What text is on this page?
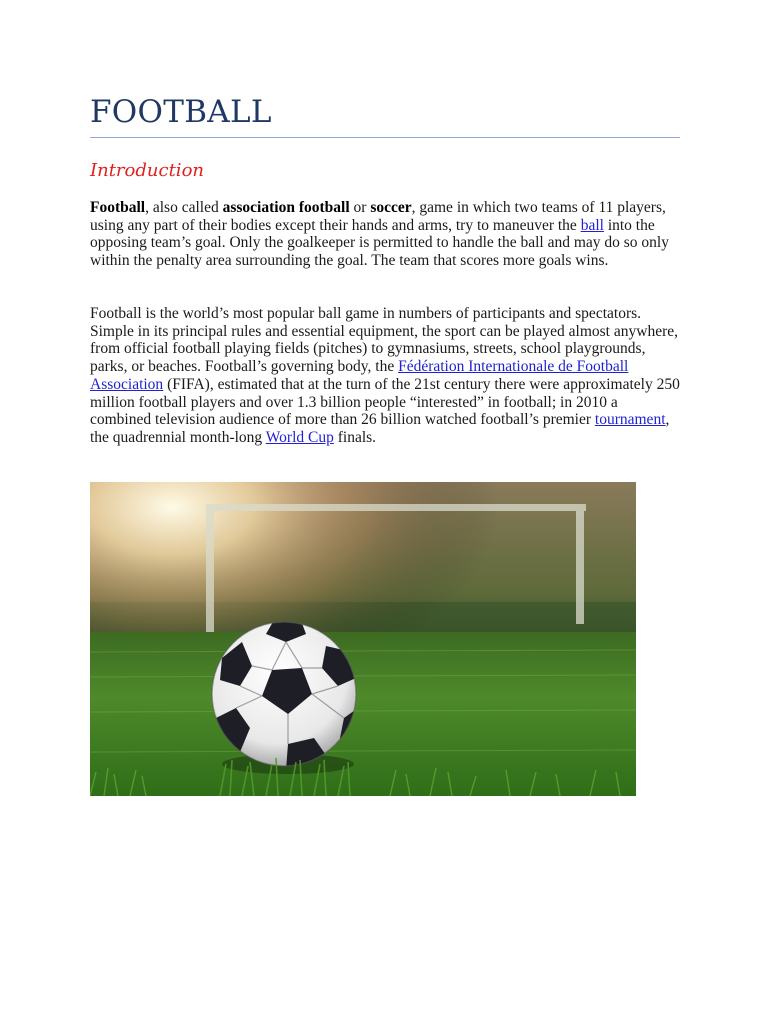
FOOTBALL
Introduction

Football, also called association football or soccer, game in which two teams of 11 players, using any part of their bodies except their hands and arms, try to maneuver the ball into the opposing team’s goal. Only the goalkeeper is permitted to handle the ball and may do so only within the penalty area surrounding the goal. The team that scores more goals wins.

Football is the world’s most popular ball game in numbers of participants and spectators. Simple in its principal rules and essential equipment, the sport can be played almost anywhere, from official football playing fields (pitches) to gymnasiums, streets, school playgrounds, parks, or beaches. Football’s governing body, the Fédération Internationale de Football Association (FIFA), estimated that at the turn of the 21st century there were approximately 250 million football players and over 1.3 billion people “interested” in football; in 2010 a combined television audience of more than 26 billion watched football’s premier tournament, the quadrennial month-long World Cup finals.
